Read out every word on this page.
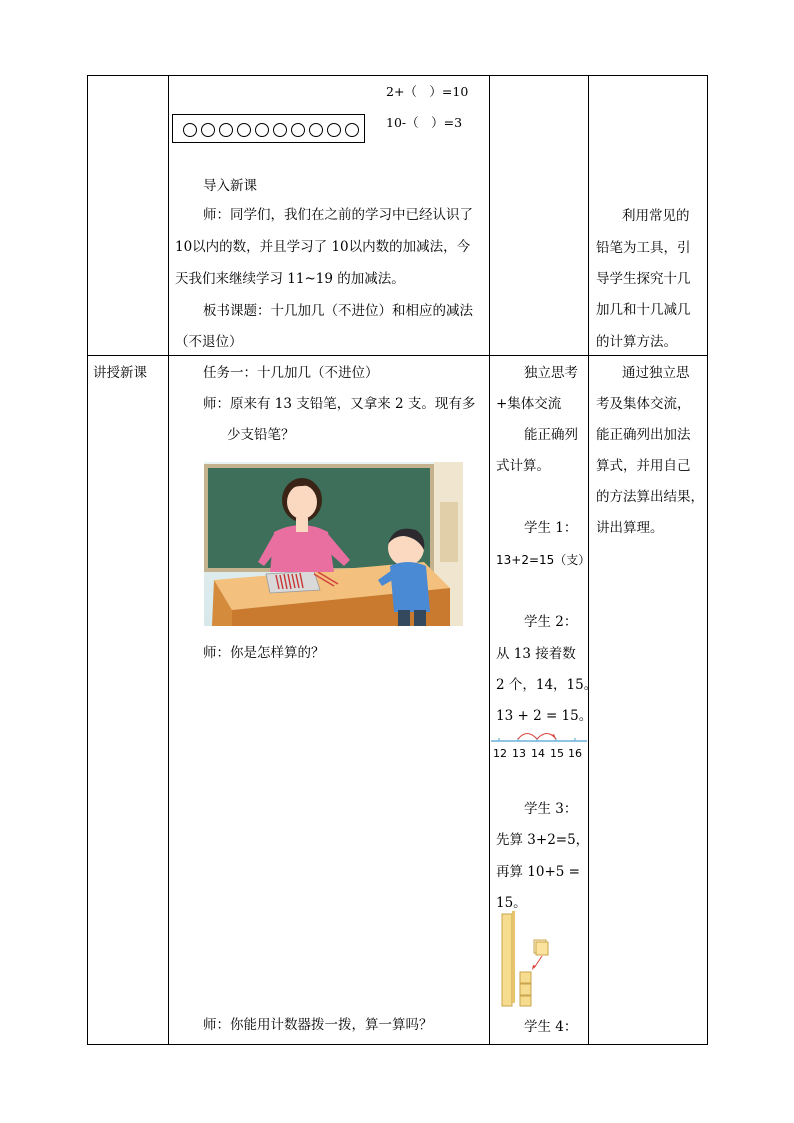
2+（　）=10
10-（　）=3
导入新课
师：同学们，我们在之前的学习中已经认识了
10以内的数，并且学习了 10以内数的加减法，今
天我们来继续学习 11~19 的加减法。
板书课题：十几加几（不进位）和相应的减法
（不退位）
利用常见的
铅笔为工具，引
导学生探究十几
加几和十几减几
的计算方法。
讲授新课	任务一：十几加几（不进位）
师：原来有 13 支铅笔，又拿来 2 支。现有多
少支铅笔？
师：你是怎样算的？
师：你能用计数器拨一拨，算一算吗？
独立思考
+集体交流
能正确列
式计算。
学生 1：
13+2=15（支）
学生 2：
从 13 接着数
2 个，14，15。
13 + 2 = 15。
12 13 14 15 16
学生 3：
先算 3+2=5，
再算 10+5 =
15。
学生 4：
通过独立思
考及集体交流，
能正确列出加法
算式，并用自己
的方法算出结果，
讲出算理。
